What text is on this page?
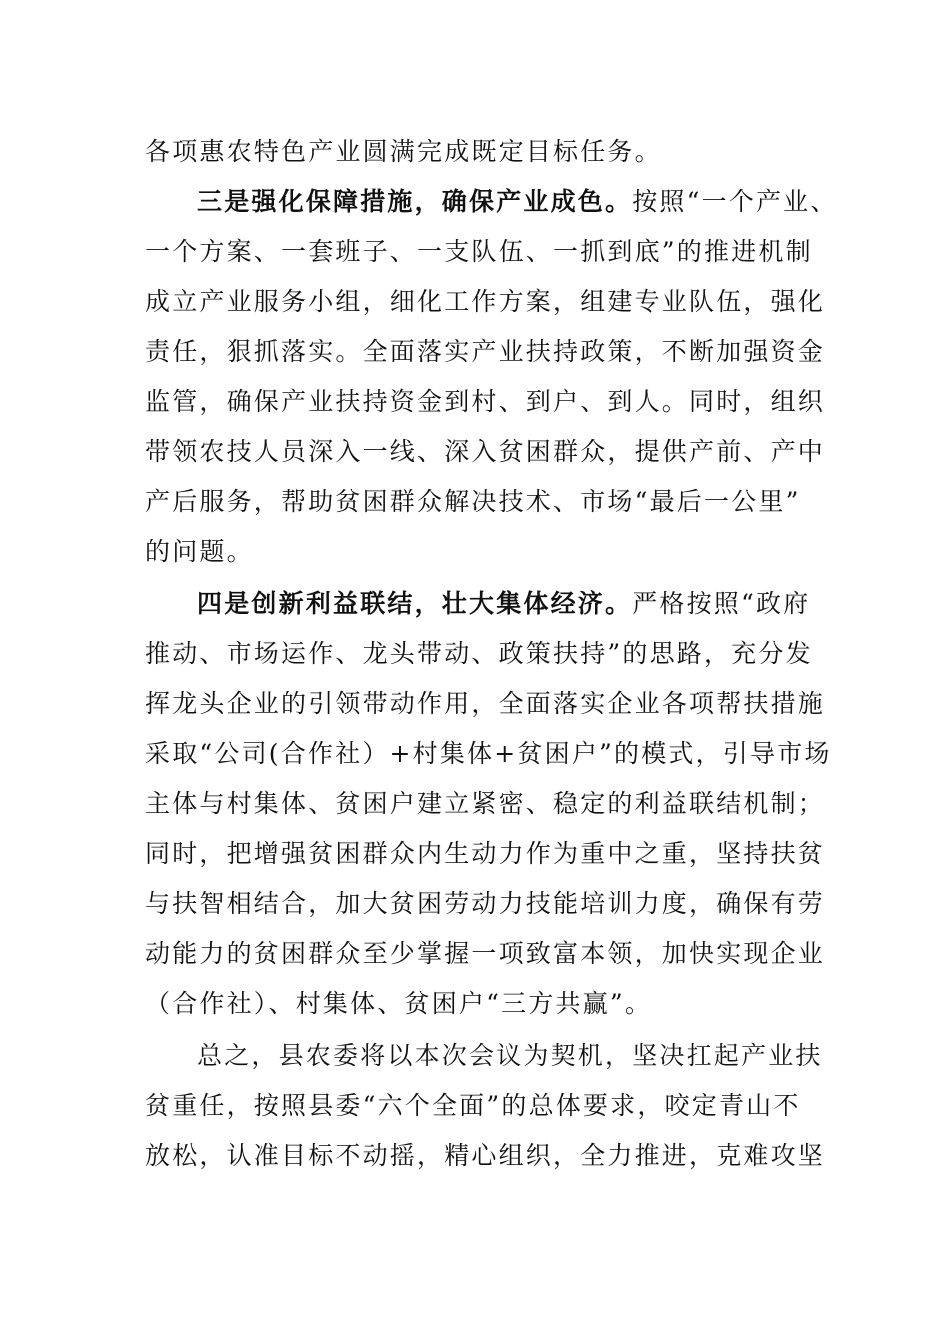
各项惠农特色产业圆满完成既定目标任务。
三是强化保障措施，确保产业成色。按照“一个产业、
一个方案、一套班子、一支队伍、一抓到底”的推进机制
成立产业服务小组，细化工作方案，组建专业队伍，强化
责任，狠抓落实。全面落实产业扶持政策，不断加强资金
监管，确保产业扶持资金到村、到户、到人。同时，组织
带领农技人员深入一线、深入贫困群众，提供产前、产中
产后服务，帮助贫困群众解决技术、市场“最后一公里”
的问题。
四是创新利益联结，壮大集体经济。严格按照“政府
推动、市场运作、龙头带动、政策扶持”的思路，充分发
挥龙头企业的引领带动作用，全面落实企业各项帮扶措施
采取“公司(合作社）+村集体+贫困户”的模式，引导市场
主体与村集体、贫困户建立紧密、稳定的利益联结机制；
同时，把增强贫困群众内生动力作为重中之重，坚持扶贫
与扶智相结合，加大贫困劳动力技能培训力度，确保有劳
动能力的贫困群众至少掌握一项致富本领，加快实现企业
（合作社）、村集体、贫困户“三方共赢”。
总之，县农委将以本次会议为契机，坚决扛起产业扶
贫重任，按照县委“六个全面”的总体要求，咬定青山不
放松，认准目标不动摇，精心组织，全力推进，克难攻坚
